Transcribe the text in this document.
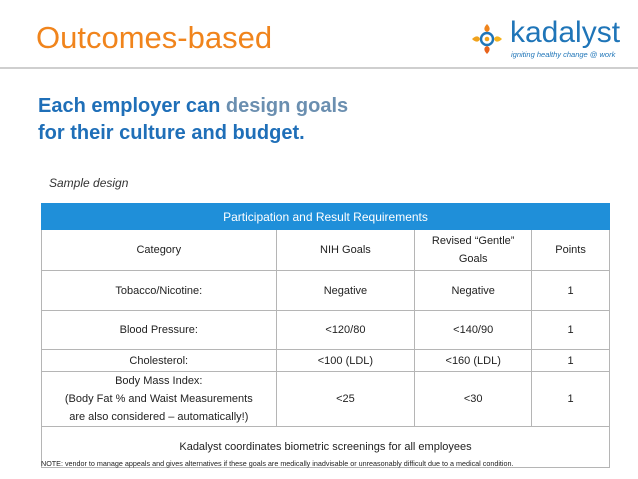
Outcomes-based	kadalyst
igniting healthy change @ work
Each employer can design goals
for their culture and budget.
Sample design
Participation and Result Requirements			
Category	NIH Goals	Revised “Gentle” Goals	Points
Tobacco/Nicotine:	Negative	Negative	1
Blood Pressure:	<120/80	<140/90	1
Cholesterol:	<100 (LDL)	<160 (LDL)	1

Body Mass Index:
(Body Fat % and Waist Measurements
are also considered – automatically!)	<25	<30	1
Kadalyst coordinates biometric screenings for all employees			
NOTE: vendor to manage appeals and gives alternatives if these goals are medically inadvisable or unreasonably difficult due to a medical condition.
